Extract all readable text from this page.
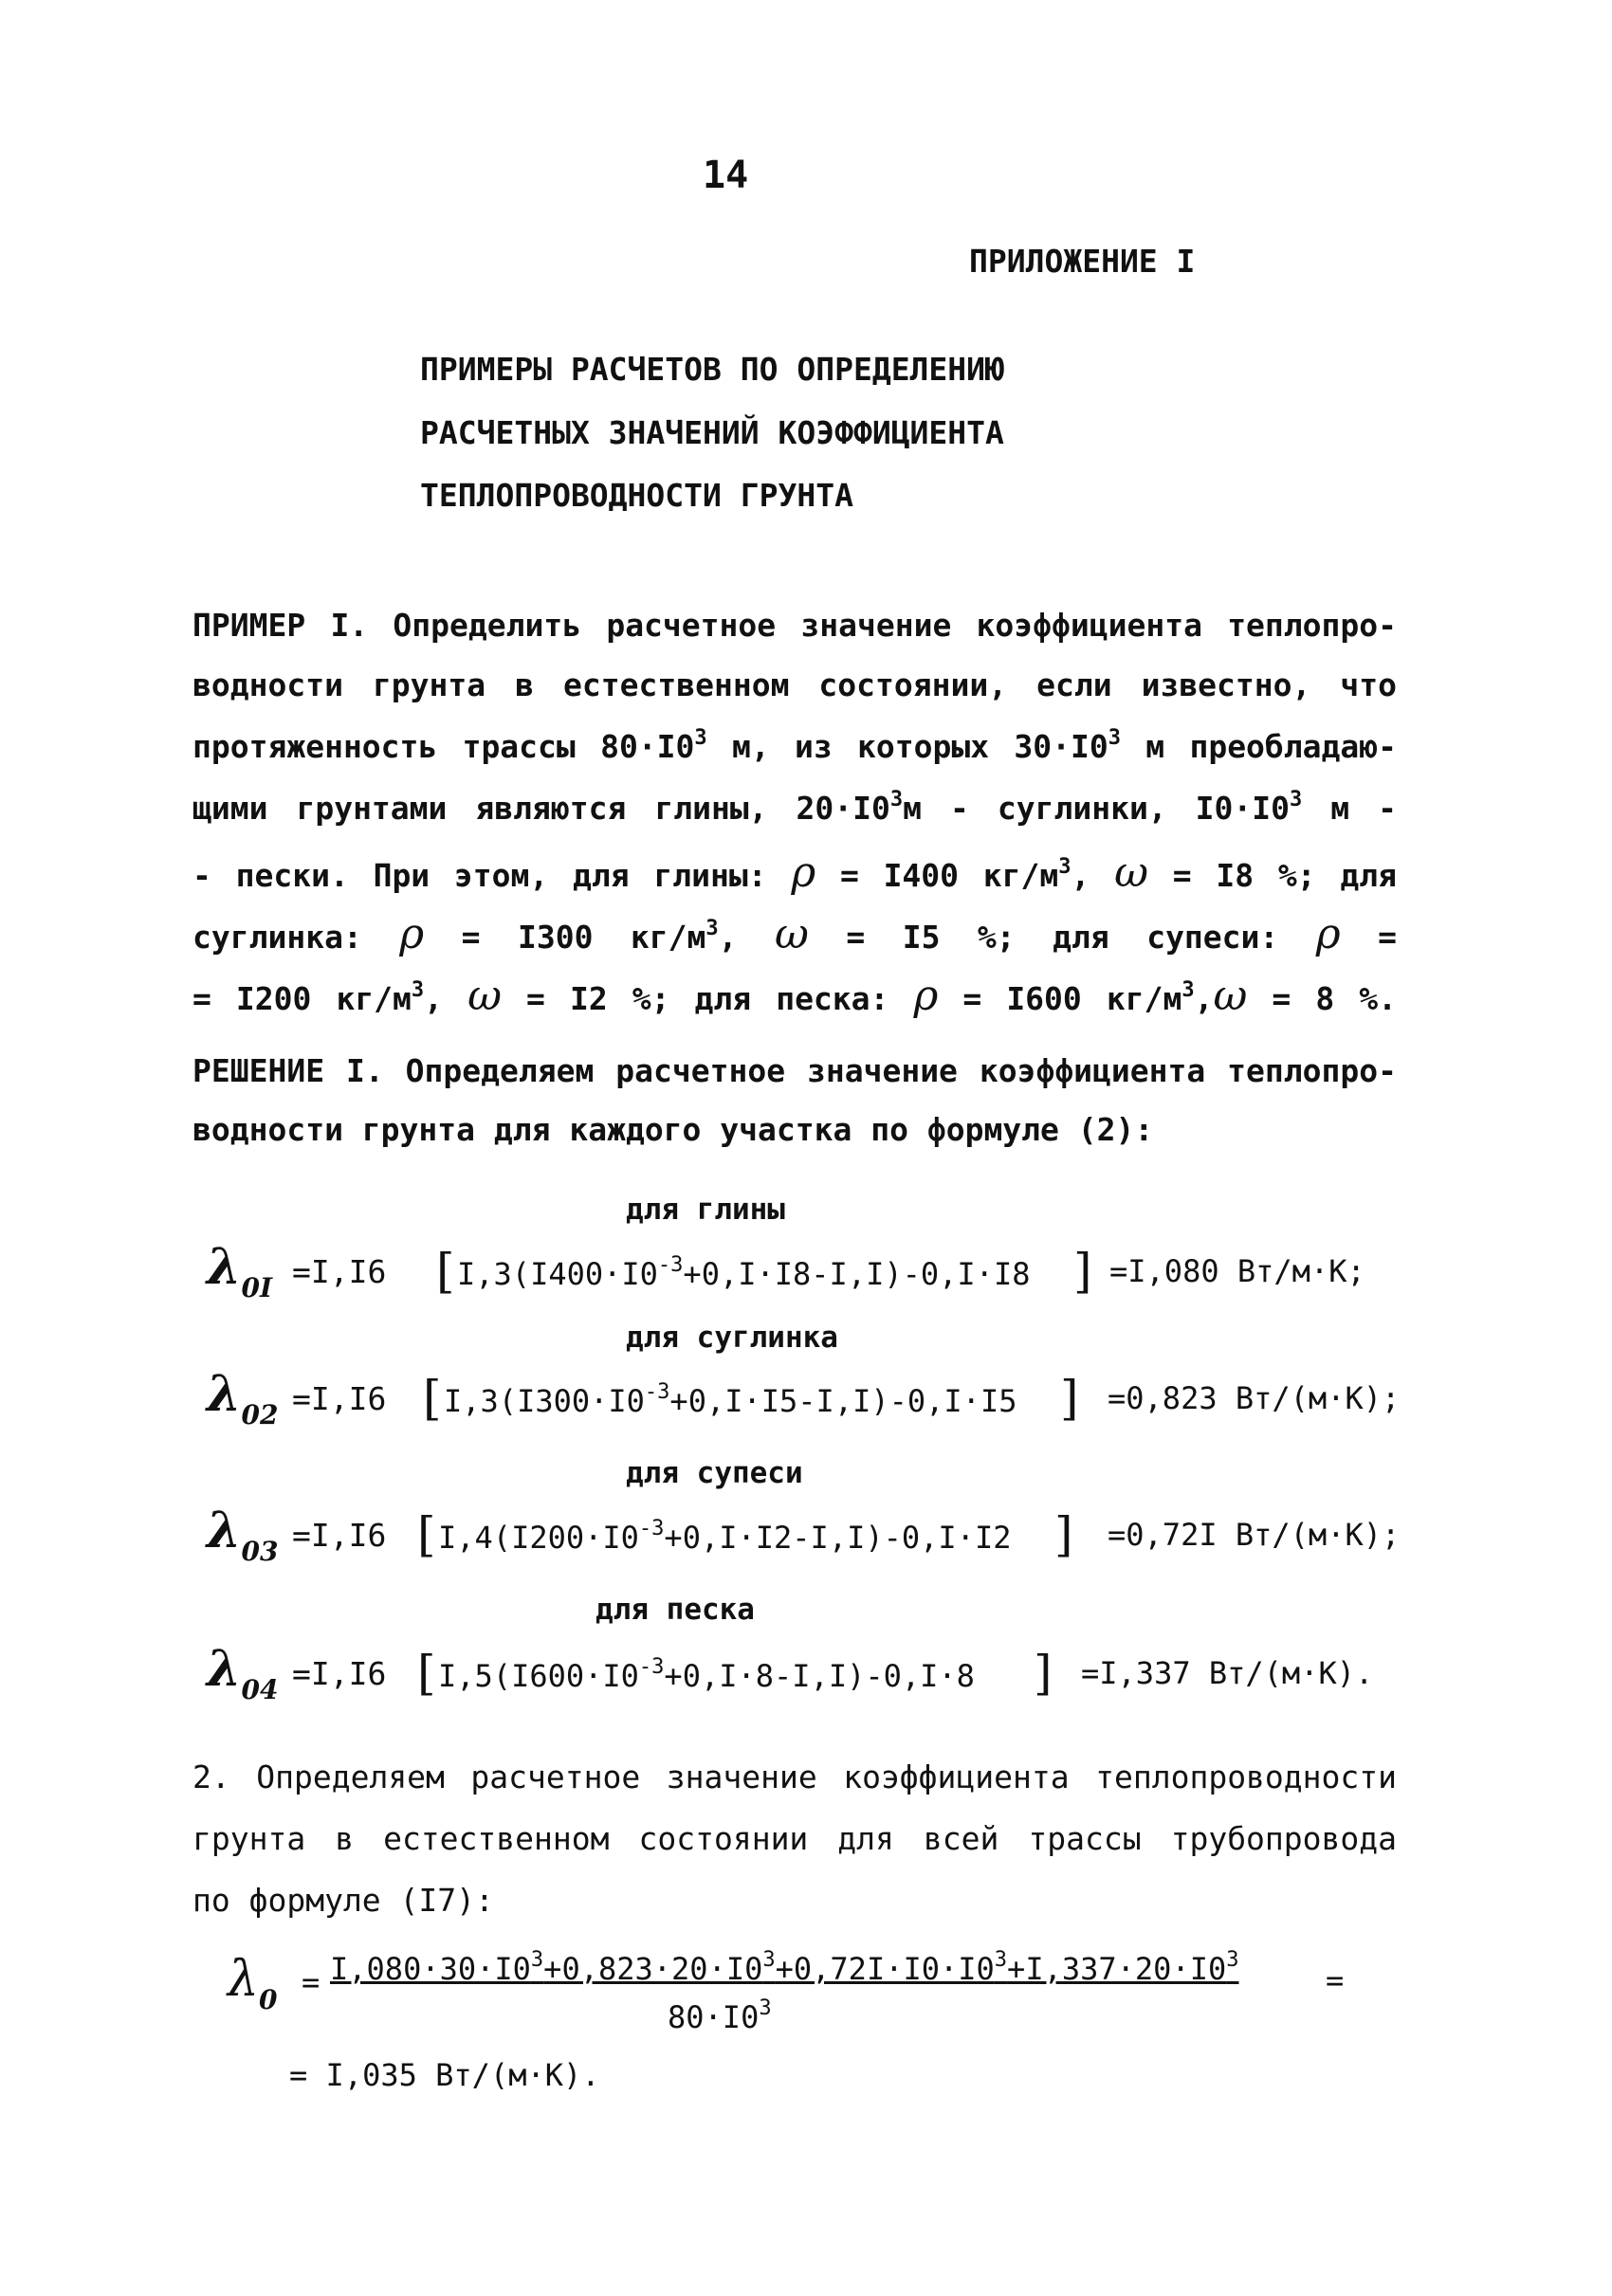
14
ПРИЛОЖЕНИЕ I
ПРИМЕРЫ РАСЧЕТОВ ПО ОПРЕДЕЛЕНИЮ
РАСЧЕТНЫХ ЗНАЧЕНИЙ КОЭФФИЦИЕНТА
ТЕПЛОПРОВОДНОСТИ ГРУНТА
ПРИМЕР I. Определить расчетное значение коэффициента теплопро-
водности грунта в естественном состоянии, если известно, что
протяженность трассы $80\cdot I0^3$ м, из которых $30\cdot I0^3$ м преобладаю-
щими грунтами являются глины, $20\cdot I0^3м$ - суглинки, $I0\cdot I0^3$ м -
- пески. При этом, для глины: ρ = I400 $кг/м^3$, ω = I8 %; для
суглинка: ρ = I300 $кг/м^3$, ω = I5 %; для супеси: ρ =
= I200 $кг/м^3$, ω = I2 %; для песка: ρ = I600 $кг/м^3,\omega = 8$ %.
РЕШЕНИЕ I. Определяем расчетное значение коэффициента теплопро-
водности грунта для каждого участка по формуле (2):
для глины
$\lambda_{_{0I}} =I,I6$ [ $I,3(I400\cdot I0^{-3}+0,I\cdot I8-I,I)-0,I\cdot I8$ ] =I,080 Вт/м·К;
для суглинка
$\lambda_{_{02}} =I,I6$ [ $I,3(I300\cdot I0^{-3}+0,I\cdot I5-I,I)-0,I\cdot I5$ ] =0,823 Вт/(м·К);
для супеси
$\lambda_{_{03}} =I,I6$ [ $I,4(I200\cdot I0^{-3}+0,I\cdot I2-I,I)-0,I\cdot I2$ ] =0,72I Вт/(м·К);
для песка
$\lambda_{_{04}} =I,I6$ [ $I,5(I600\cdot I0^{-3}+0,I\cdot 8-I,I)-0,I\cdot 8$ ] =I,337 Вт/(м·К).
2. Определяем расчетное значение коэффициента теплопроводности
грунта в естественном состоянии для всей трассы трубопровода
по формуле (I7):
$\lambda_{_0} = I,080\cdot 30\cdot I0^3+0,823\cdot 20\cdot I0^3+0,72I\cdot I0\cdot I0^3+I,337\cdot 20\cdot I0^3$
$80\cdot I0^3$
=
= I,035 Вт/(м·К).
